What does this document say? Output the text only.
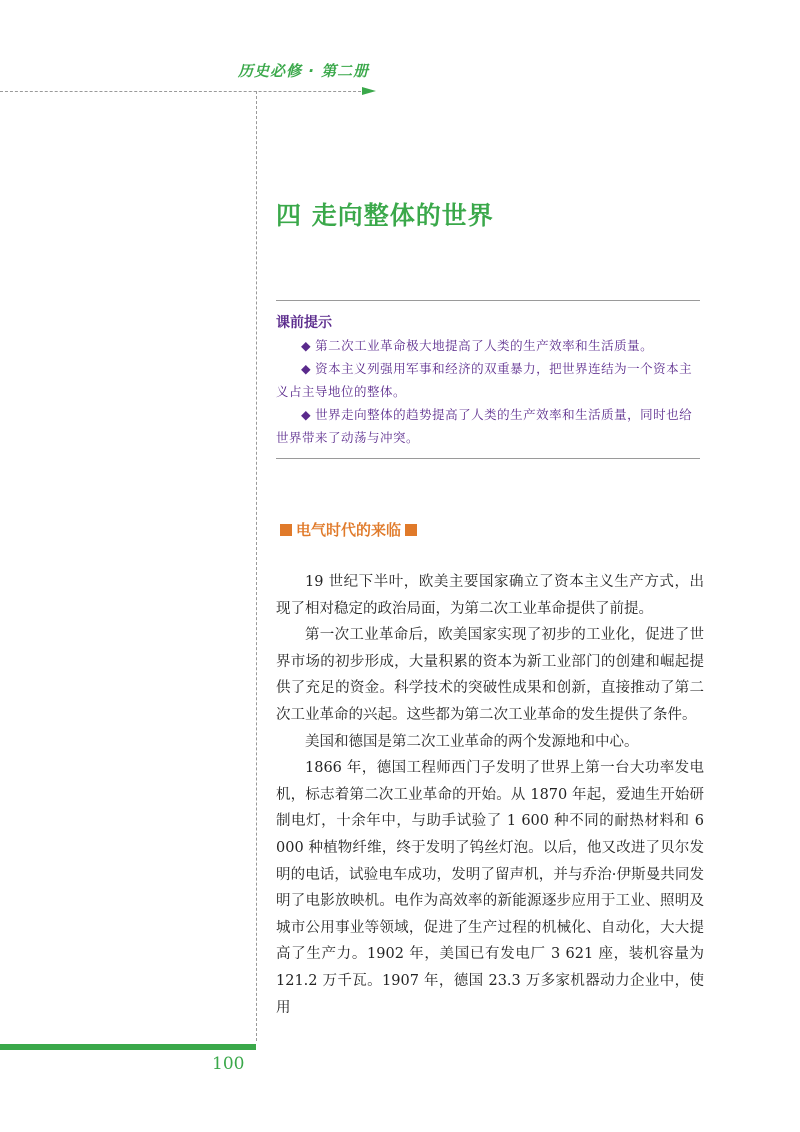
历史必修 · 第二册
四 走向整体的世界
课前提示

◆ 第二次工业革命极大地提高了人类的生产效率和生活质量。

◆ 资本主义列强用军事和经济的双重暴力，把世界连结为一个资本主义占主导地位的整体。

◆ 世界走向整体的趋势提高了人类的生产效率和生活质量，同时也给世界带来了动荡与冲突。

电气时代的来临

19 世纪下半叶，欧美主要国家确立了资本主义生产方式，出现了相对稳定的政治局面，为第二次工业革命提供了前提。

第一次工业革命后，欧美国家实现了初步的工业化，促进了世界市场的初步形成，大量积累的资本为新工业部门的创建和崛起提供了充足的资金。科学技术的突破性成果和创新，直接推动了第二次工业革命的兴起。这些都为第二次工业革命的发生提供了条件。

美国和德国是第二次工业革命的两个发源地和中心。

1866 年，德国工程师西门子发明了世界上第一台大功率发电机，标志着第二次工业革命的开始。从 1870 年起，爱迪生开始研制电灯，十余年中，与助手试验了 1 600 种不同的耐热材料和 6 000 种植物纤维，终于发明了钨丝灯泡。以后，他又改进了贝尔发明的电话，试验电车成功，发明了留声机，并与乔治·伊斯曼共同发明了电影放映机。电作为高效率的新能源逐步应用于工业、照明及城市公用事业等领域，促进了生产过程的机械化、自动化，大大提高了生产力。1902 年，美国已有发电厂 3 621 座，装机容量为 121.2 万千瓦。1907 年，德国 23.3 万多家机器动力企业中，使用

100
